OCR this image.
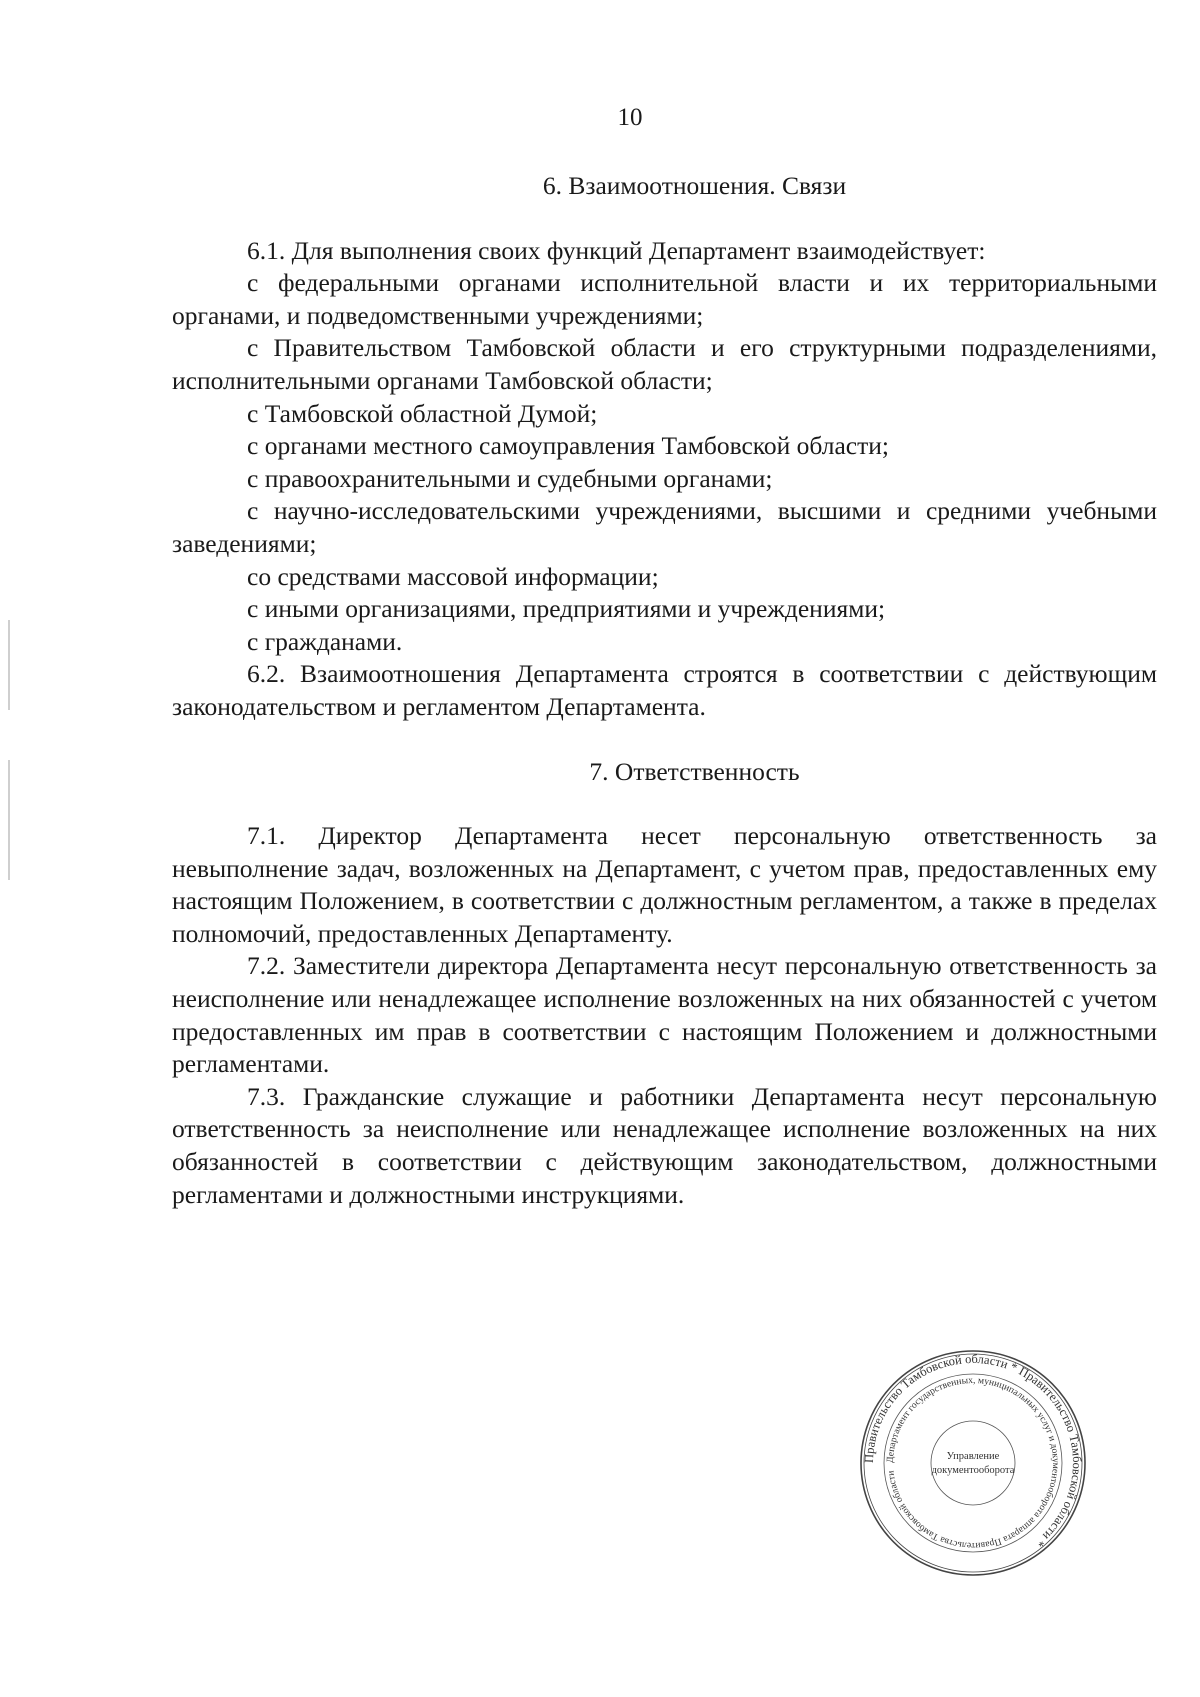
10
6. Взаимоотношения. Связи

6.1. Для выполнения своих функций Департамент взаимодействует:

с федеральными органами исполнительной власти и их территориальными органами, и подведомственными учреждениями;

с Правительством Тамбовской области и его структурными подразделениями, исполнительными органами Тамбовской области;

с Тамбовской областной Думой;

с органами местного самоуправления Тамбовской области;

с правоохранительными и судебными органами;

с научно-исследовательскими учреждениями, высшими и средними учебными заведениями;

со средствами массовой информации;

с иными организациями, предприятиями и учреждениями;

с гражданами.

6.2. Взаимоотношения Департамента строятся в соответствии с действующим законодательством и регламентом Департамента.

7. Ответственность

7.1. Директор Департамента несет персональную ответственность за невыполнение задач, возложенных на Департамент, с учетом прав, предоставленных ему настоящим Положением, в соответствии с должностным регламентом, а также в пределах полномочий, предоставленных Департаменту.

7.2. Заместители директора Департамента несут персональную ответственность за неисполнение или ненадлежащее исполнение возложенных на них обязанностей с учетом предоставленных им прав в соответствии с настоящим Положением и должностными регламентами.

7.3. Гражданские служащие и работники Департамента несут персональную ответственность за неисполнение или ненадлежащее исполнение возложенных на них обязанностей в соответствии с действующим законодательством, должностными регламентами и должностными инструкциями.

Правительство Тамбовской области * Правительство Тамбовской области *
Департамент государственных, муниципальных услуг и документооборота аппарата Правительства Тамбовской области
Управление
документооборота
